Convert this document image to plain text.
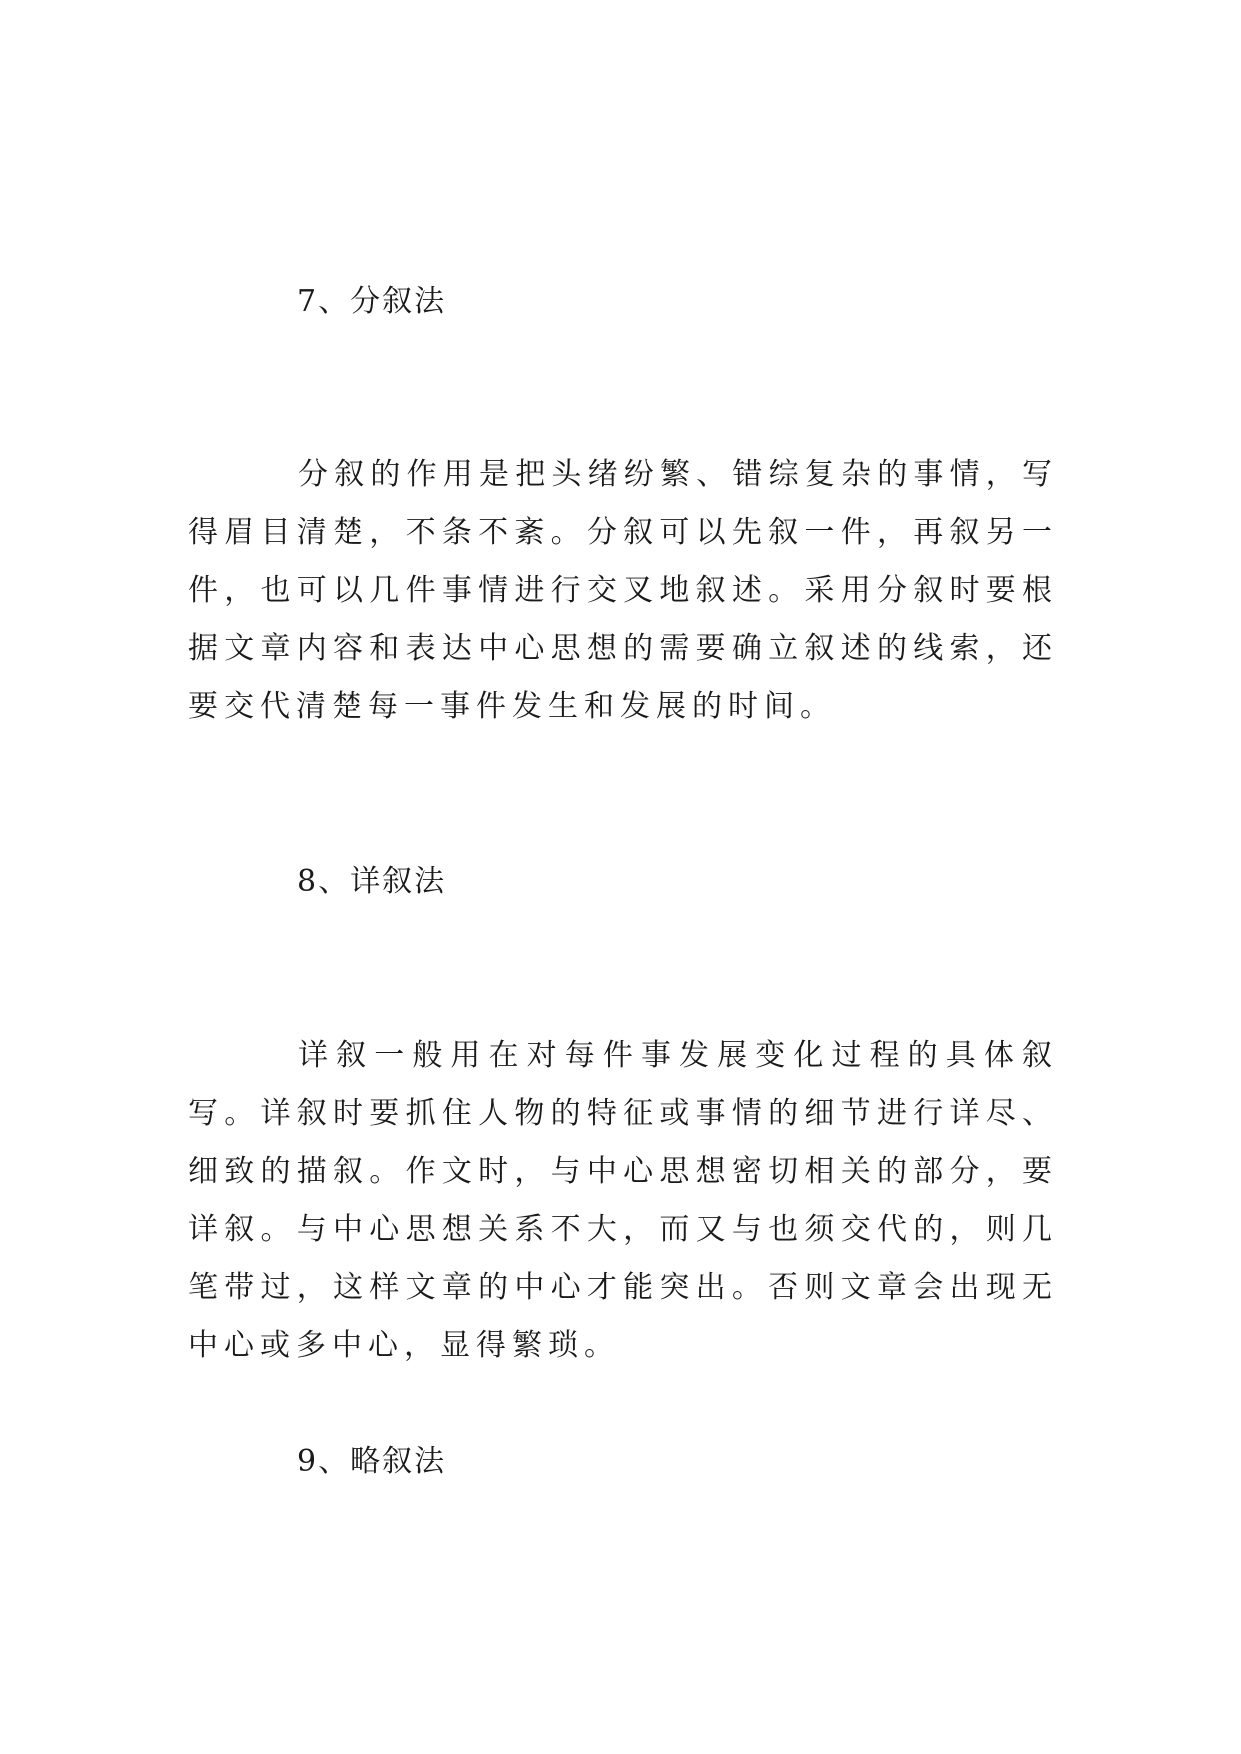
7、分叙法

分叙的作用是把头绪纷繁、错综复杂的事情，写得眉目清楚，不条不紊。分叙可以先叙一件，再叙另一件，也可以几件事情进行交叉地叙述。采用分叙时要根据文章内容和表达中心思想的需要确立叙述的线索，还要交代清楚每一事件发生和发展的时间。

8、详叙法

详叙一般用在对每件事发展变化过程的具体叙写。详叙时要抓住人物的特征或事情的细节进行详尽、细致的描叙。作文时，与中心思想密切相关的部分，要详叙。与中心思想关系不大，而又与也须交代的，则几笔带过，这样文章的中心才能突出。否则文章会出现无中心或多中心，显得繁琐。

9、略叙法
